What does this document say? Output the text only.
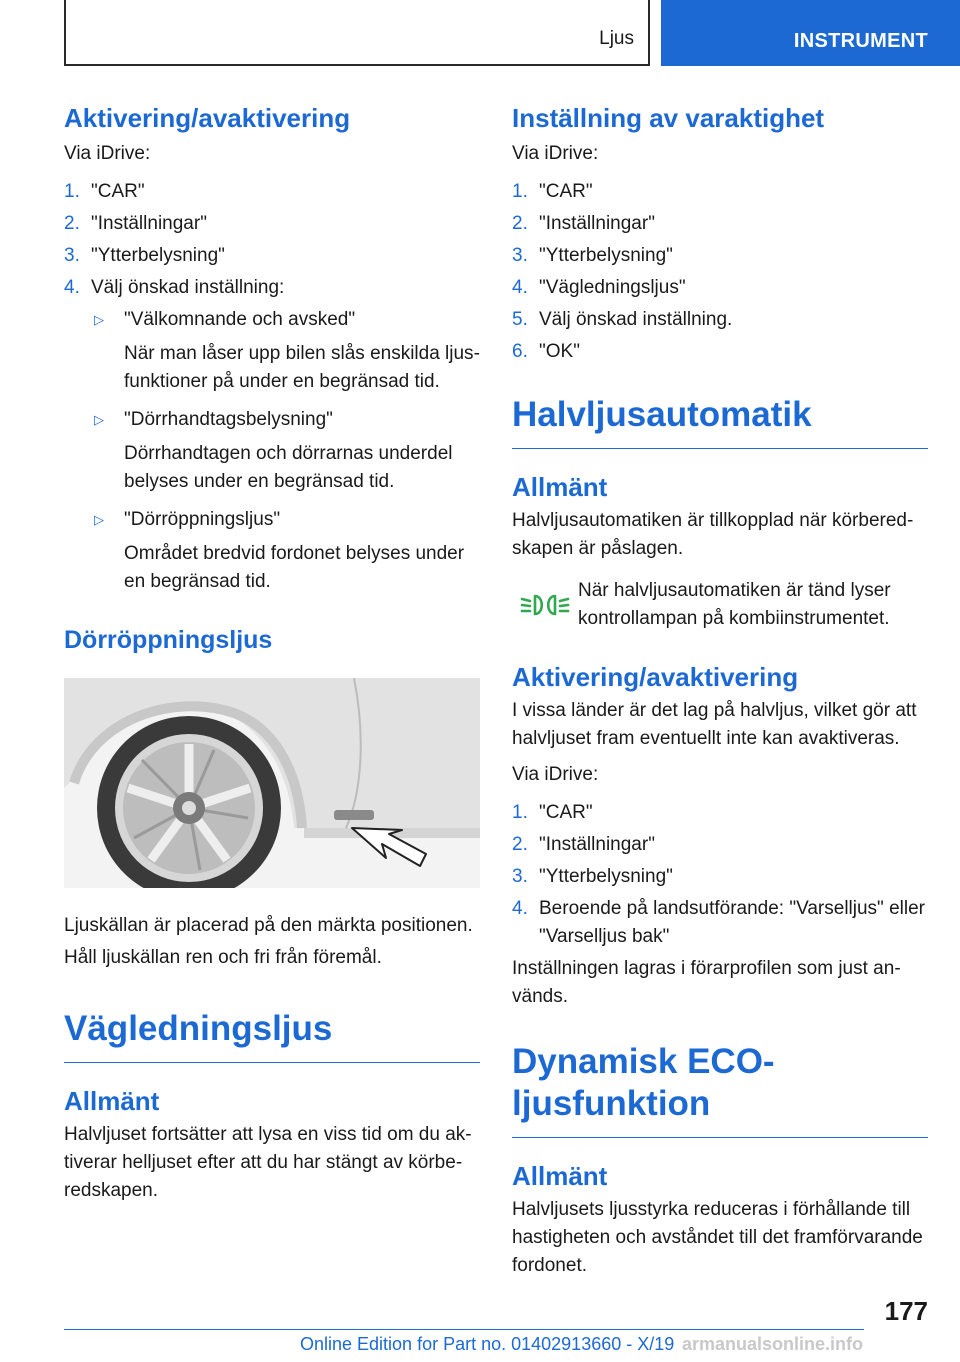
Ljus	INSTRUMENT
Aktivering/avaktivering
Via iDrive:
1. "CAR"
2. "Inställningar"
3. "Ytterbelysning"
4. Välj önskad inställning:
▷	"Välkomnande och avsked"
När man låser upp bilen slås enskilda ljusfunktioner på under en begränsad tid.
▷	"Dörrhandtagsbelysning"
Dörrhandtagen och dörrarnas underdel belyses under en begränsad tid.
▷	"Dörröppningsljus"
Området bredvid fordonet belyses under en begränsad tid.
Dörröppningsljus
Ljuskällan är placerad på den märkta positionen.
Håll ljuskällan ren och fri från föremål.
Vägledningsljus
Allmänt
Halvljuset fortsätter att lysa en viss tid om du aktiverar helljuset efter att du har stängt av körberedskapen.
Inställning av varaktighet
Via iDrive:
1. "CAR"
2. "Inställningar"
3. "Ytterbelysning"
4. "Vägledningsljus"
5. Välj önskad inställning.
6. "OK"
Halvljusautomatik
Allmänt
Halvljusautomatiken är tillkopplad när körberedskapen är påslagen.
När halvljusautomatiken är tänd lyser kontrollampan på kombiinstrumentet.
Aktivering/avaktivering
I vissa länder är det lag på halvljus, vilket gör att halvljuset fram eventuellt inte kan avaktiveras.
Via iDrive:
1. "CAR"
2. "Inställningar"
3. "Ytterbelysning"
4. Beroende på landsutförande: "Varselljus" eller "Varselljus bak"
Inställningen lagras i förarprofilen som just används.
Dynamisk ECO-ljusfunktion
Allmänt
Halvljusets ljusstyrka reduceras i förhållande till hastigheten och avståndet till det framförvarande fordonet.
177
Online Edition for Part no. 01402913660 - X/19 armanualsonline.info
